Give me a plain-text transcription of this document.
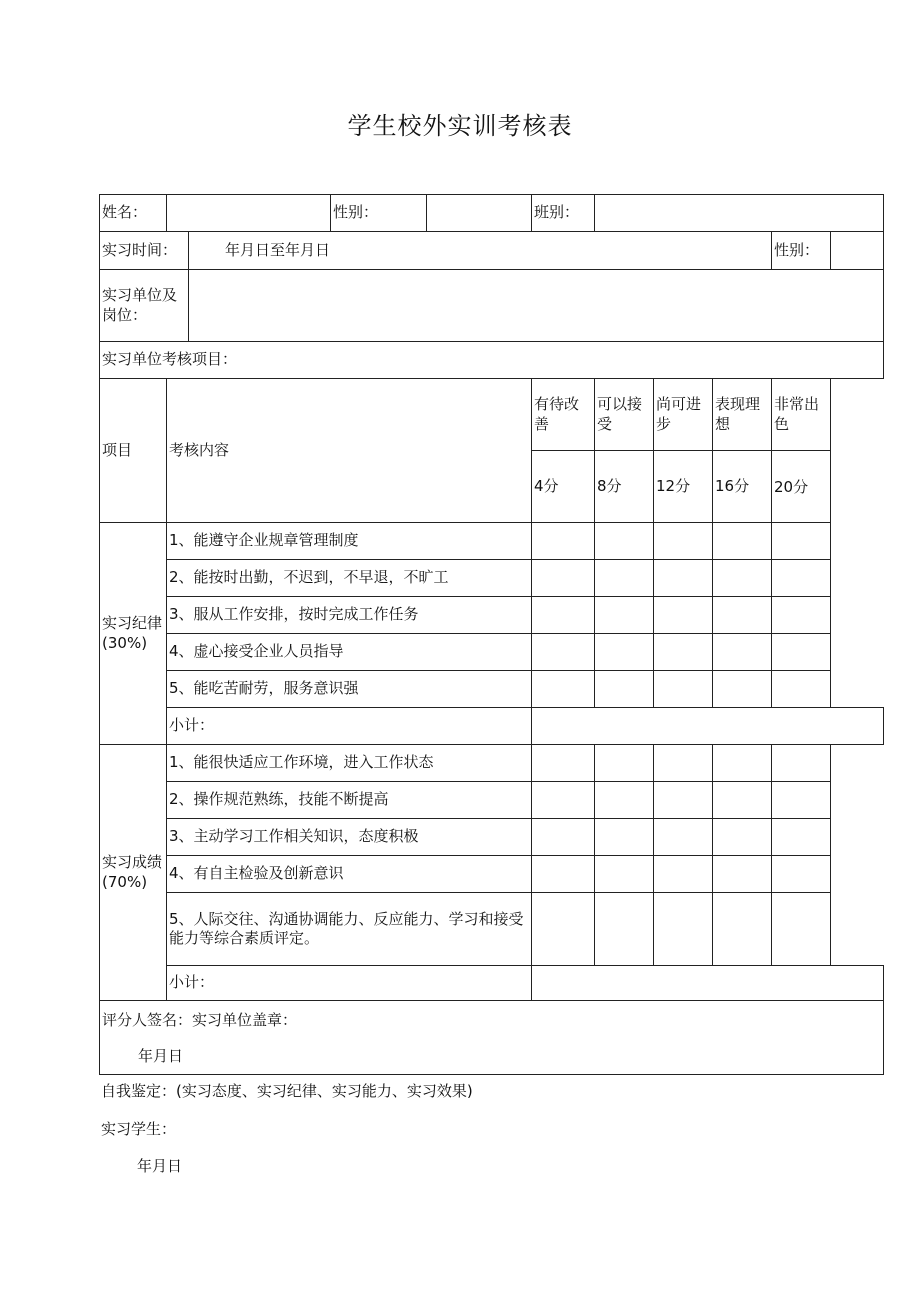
学生校外实训考核表
姓名：			性别：		班别：					
实习时间：		年月日至年月日							性别：	
实习单位及岗位：										
实习单位考核项目：										
项目	考核内容				有待改善	可以接受	尚可进步	表现理想	非常出色	
					4分	8分	12分	16分	20分	
实习纪律
(30%)	1、能遵守企业规章管理制度									
	2、能按时出勤，不迟到，不早退，不旷工									
	3、服从工作安排，按时完成工作任务									
	4、虚心接受企业人员指导									
	5、能吃苦耐劳，服务意识强									
	小计：									
实习成绩
(70%)	1、能很快适应工作环境，进入工作状态									
	2、操作规范熟练，技能不断提高									
	3、主动学习工作相关知识，态度积极									
	4、有自主检验及创新意识									
	5、人际交往、沟通协调能力、反应能力、学习和接受能力等综合素质评定。									
	小计：									

评分人签名：实习单位盖章：
年月日										
自我鉴定：(实习态度、实习纪律、实习能力、实习效果)
实习学生：
年月日
